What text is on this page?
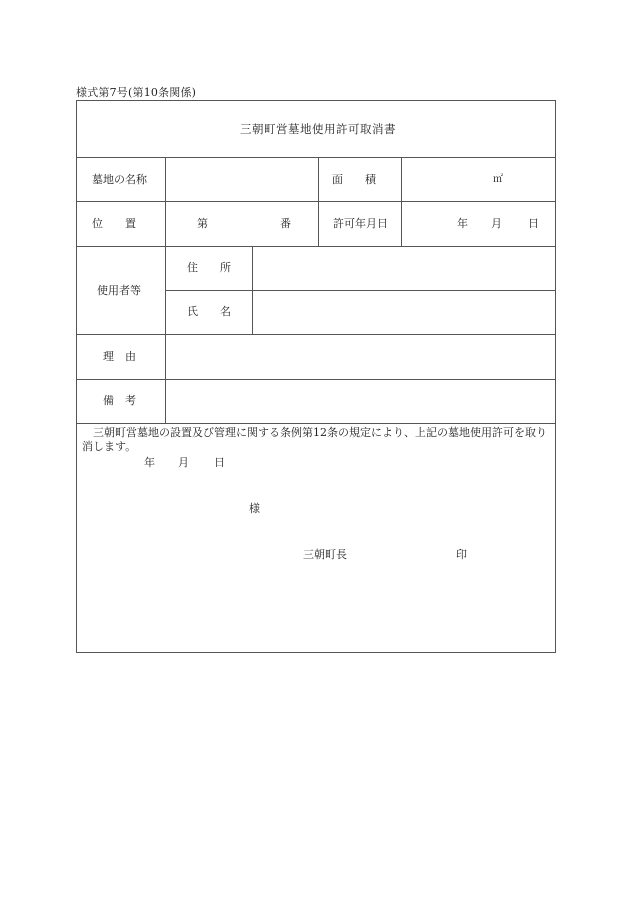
様式第7号(第10条関係)
三朝町営墓地使用許可取消書
墓地の名称	面　　積	㎡
位　　置	第	番	許可年月日	年 月 日
使用者等
住　　所
氏　　名
理　由
備　考
三朝町営墓地の設置及び管理に関する条例第12条の規定により、上記の墓地使用許可を取り消します。
年 月 日
様
三朝町長	印
